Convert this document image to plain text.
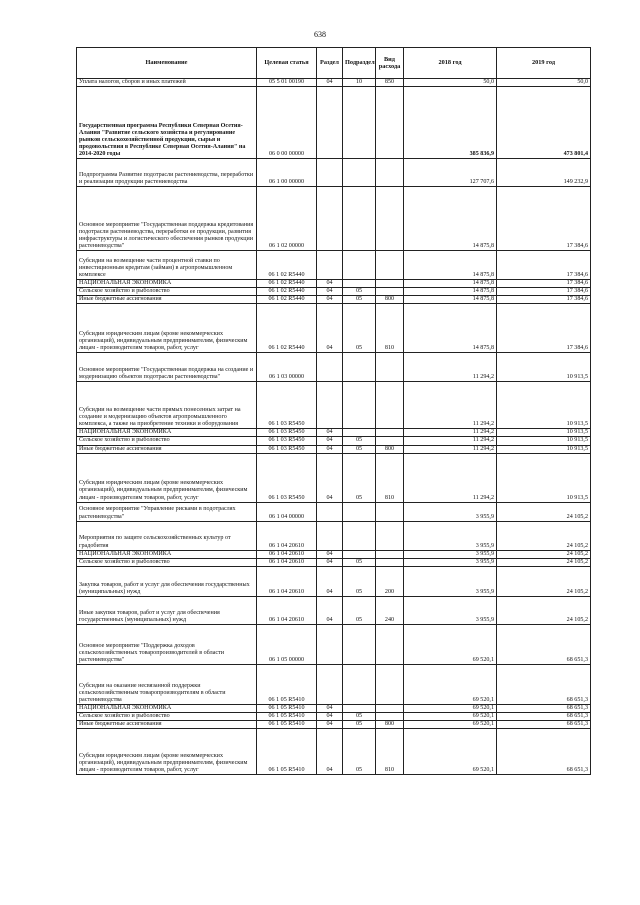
638
Наименование	Целевая статья	Раздел	Подраздел	Вид расхода	2018 год	2019 год
Уплата налогов, сборов и иных платежей	05 5 01 00190	04	10	850	50,0	50,0
Государственная программа Республики Северная Осетия-Алания "Развитие сельского хозяйства и регулирование рынков сельскохозяйственной продукции, сырья и продовольствия в Республике Северная Осетия-Алания" на 2014-2020 годы	06 0 00 00000				385 836,9	473 801,4
Подпрограмма Развитие подотрасли растениеводства, переработки и реализации продукции растениеводства	06 1 00 00000				127 707,6	149 232,9
Основное мероприятие "Государственная поддержка кредитования подотрасли растениеводства, переработки ее продукции, развития инфраструктуры и логистического обеспечения рынков продукции растениеводства"	06 1 02 00000				14 875,8	17 384,6
Субсидии на возмещение части процентной ставки по инвестиционным кредитам (займам) в агропромышленном комплексе	06 1 02 R5440				14 875,8	17 384,6
НАЦИОНАЛЬНАЯ ЭКОНОМИКА	06 1 02 R5440	04			14 875,8	17 384,6
Сельское хозяйство и рыболовство	06 1 02 R5440	04	05		14 875,8	17 384,6
Иные бюджетные ассигнования	06 1 02 R5440	04	05	800	14 875,8	17 384,6
Субсидии юридическим лицам (кроме некоммерческих организаций), индивидуальным предпринимателям, физическим лицам - производителям товаров, работ, услуг	06 1 02 R5440	04	05	810	14 875,8	17 384,6
Основное мероприятие "Государственная поддержка на создание и модернизацию объектов подотрасли растениеводства"	06 1 03 00000				11 294,2	10 913,5
Субсидии на возмещение части прямых понесенных затрат на создание и модернизацию объектов агропромышленного комплекса, а также на приобретение техники и оборудования	06 1 03 R5450				11 294,2	10 913,5
НАЦИОНАЛЬНАЯ ЭКОНОМИКА	06 1 03 R5450	04			11 294,2	10 913,5
Сельское хозяйство и рыболовство	06 1 03 R5450	04	05		11 294,2	10 913,5
Иные бюджетные ассигнования	06 1 03 R5450	04	05	800	11 294,2	10 913,5
Субсидии юридическим лицам (кроме некоммерческих организаций), индивидуальным предпринимателям, физическим лицам - производителям товаров, работ, услуг	06 1 03 R5450	04	05	810	11 294,2	10 913,5
Основное мероприятие "Управление рисками в подотраслях растениеводства"	06 1 04 00000				3 955,9	24 105,2
Мероприятия по защите сельскохозяйственных культур от градобития	06 1 04 20610				3 955,9	24 105,2
НАЦИОНАЛЬНАЯ ЭКОНОМИКА	06 1 04 20610	04			3 955,9	24 105,2
Сельское хозяйство и рыболовство	06 1 04 20610	04	05		3 955,9	24 105,2
Закупка товаров, работ и услуг для обеспечения государственных (муниципальных) нужд	06 1 04 20610	04	05	200	3 955,9	24 105,2
Иные закупки товаров, работ и услуг для обеспечения государственных (муниципальных) нужд	06 1 04 20610	04	05	240	3 955,9	24 105,2
Основное мероприятие "Поддержка доходов сельскохозяйственных товаропроизводителей в области растениеводства"	06 1 05 00000				69 520,1	68 651,3
Субсидии на оказание несвязанной поддержки сельскохозяйственным товаропроизводителям в области растениеводства	06 1 05 R5410				69 520,1	68 651,3
НАЦИОНАЛЬНАЯ ЭКОНОМИКА	06 1 05 R5410	04			69 520,1	68 651,3
Сельское хозяйство и рыболовство	06 1 05 R5410	04	05		69 520,1	68 651,3
Иные бюджетные ассигнования	06 1 05 R5410	04	05	800	69 520,1	68 651,3
Субсидии юридическим лицам (кроме некоммерческих организаций), индивидуальным предпринимателям, физическим лицам - производителям товаров, работ, услуг	06 1 05 R5410	04	05	810	69 520,1	68 651,3
